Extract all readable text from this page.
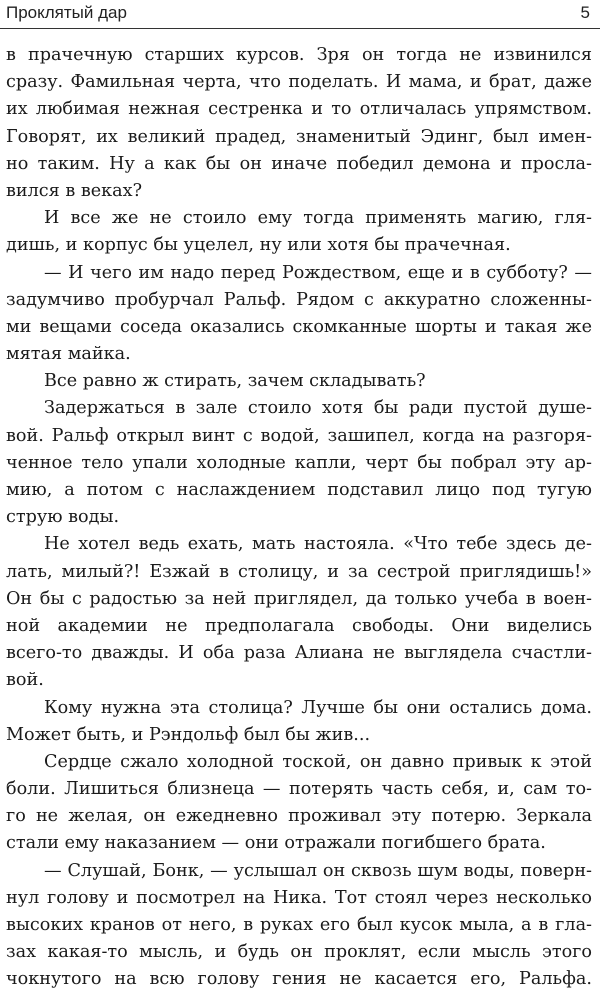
Проклятый дар	5
в прачечную старших курсов. Зря он тогда не извинился
сразу. Фамильная черта, что поделать. И мама, и брат, даже
их любимая нежная сестренка и то отличалась упрямством.
Говорят, их великий прадед, знаменитый Эдинг, был имен-
но таким. Ну а как бы он иначе победил демона и просла-
вился в веках?
И все же не стоило ему тогда применять магию, гля-
дишь, и корпус бы уцелел, ну или хотя бы прачечная.
— И чего им надо перед Рождеством, еще и в субботу? —
задумчиво пробурчал Ральф. Рядом с аккуратно сложенны-
ми вещами соседа оказались скомканные шорты и такая же
мятая майка.
Все равно ж стирать, зачем складывать?
Задержаться в зале стоило хотя бы ради пустой душе-
вой. Ральф открыл винт с водой, зашипел, когда на разгоря-
ченное тело упали холодные капли, черт бы побрал эту ар-
мию, а потом с наслаждением подставил лицо под тугую
струю воды.
Не хотел ведь ехать, мать настояла. «Что тебе здесь де-
лать, милый?! Езжай в столицу, и за сестрой приглядишь!»
Он бы с радостью за ней приглядел, да только учеба в воен-
ной академии не предполагала свободы. Они виделись
всего-то дважды. И оба раза Алиана не выглядела счастли-
вой.
Кому нужна эта столица? Лучше бы они остались дома.
Может быть, и Рэндольф был бы жив...
Сердце сжало холодной тоской, он давно привык к этой
боли. Лишиться близнеца — потерять часть себя, и, сам то-
го не желая, он ежедневно проживал эту потерю. Зеркала
стали ему наказанием — они отражали погибшего брата.
— Слушай, Бонк, — услышал он сквозь шум воды, поверн-
нул голову и посмотрел на Ника. Тот стоял через несколько
высоких кранов от него, в руках его был кусок мыла, а в гла-
зах какая-то мысль, и будь он проклят, если мысль этого
чокнутого на всю голову гения не касается его, Ральфа.
